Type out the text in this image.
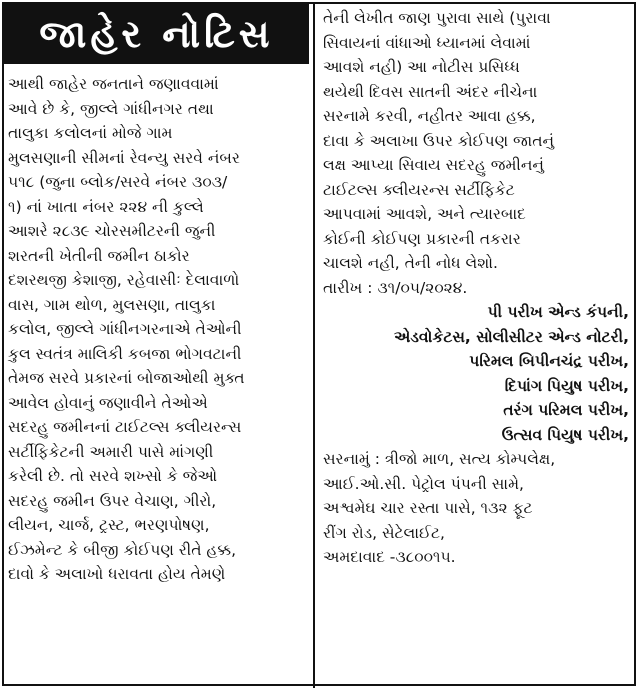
જાહેર નોટિસ

આથી જાહેર જનતાને જણાવવામાં

આવે છે કે, જીલ્લે ગાંધીનગર તથા

તાલુકા કલોલનાં મોજે ગામ

મુલસણાની સીમનાં રેવન્યુ સરવે નંબર

૫૧૮ (જુના બ્લોક/સરવે નંબર ૩૦૩/

૧) નાં ખાતા નંબર ૨૨૪ ની કુલ્લે

આશરે ૨૮૩૯ ચોરસમીટરની જુની

શરતની ખેતીની જમીન ઠાકોર

દશરથજી કેશાજી, રહેવાસીઃ દેલાવાળો

વાસ, ગામ થોળ, મુલસણા, તાલુકા

કલોલ, જીલ્લે ગાંધીનગરનાએ તેઓની

કુલ સ્વતંત્ર માલિકી કબજા ભોગવટાની

તેમજ સરવે પ્રકારનાં બોજાઓથી મુક્ત

આવેલ હોવાનું જણાવીને તેઓએ

સદરહુ જમીનનાં ટાઈટલ્સ ક્લીયરન્સ

સર્ટીફિકેટની અમારી પાસે માંગણી

કરેલી છે. તો સરવે શખ્સો કે જેઓ

સદરહુ જમીન ઉપર વેચાણ, ગીરો,

લીયન, ચાર્જ, ટ્રસ્ટ, ભરણપોષણ,

ઈઝમેન્ટ કે બીજી કોઈપણ રીતે હક્ક,

દાવો કે અલાખો ધરાવતા હોય તેમણે

તેની લેખીત જાણ પુરાવા સાથે (પુરાવા

સિવાયનાં વાંધાઓ ધ્યાનમાં લેવામાં

આવશે નહી) આ નોટીસ પ્રસિધ્ધ

થયેથી દિવસ સાતની અંદર નીચેના

સરનામે કરવી, નહીતર આવા હક્ક,

દાવા કે અલાખા ઉપર કોઈપણ જાતનું

લક્ષ આપ્યા સિવાય સદરહુ જમીનનું

ટાઈટલ્સ ક્લીયરન્સ સર્ટીફિકેટ

આપવામાં આવશે, અને ત્યારબાદ

કોઈની કોઈપણ પ્રકારની તકરાર

ચાલશે નહી, તેની નોધ લેશો.

તારીખ : ૩૧/૦૫/૨૦૨૪.

પી પરીખ એન્ડ કંપની,

એડવોકેટસ, સોલીસીટર એન્ડ નોટરી,

પરિમલ બિપીનચંદ્ર પરીખ,

દિપાંગ પિયુષ પરીખ,

તરંગ પરિમલ પરીખ,

ઉત્સવ પિયુષ પરીખ,

સરનામું : ત્રીજો માળ, સત્ય કોમ્પલેક્ષ,

આઈ.ઓ.સી. પેટ્રોલ પંપની સામે,

અશ્વમેઘ ચાર રસ્તા પાસે, ૧૩૨ ફૂટ

રીંગ રોડ, સેટેલાઈટ,

અમદાવાદ -૩૮૦૦૧૫.
